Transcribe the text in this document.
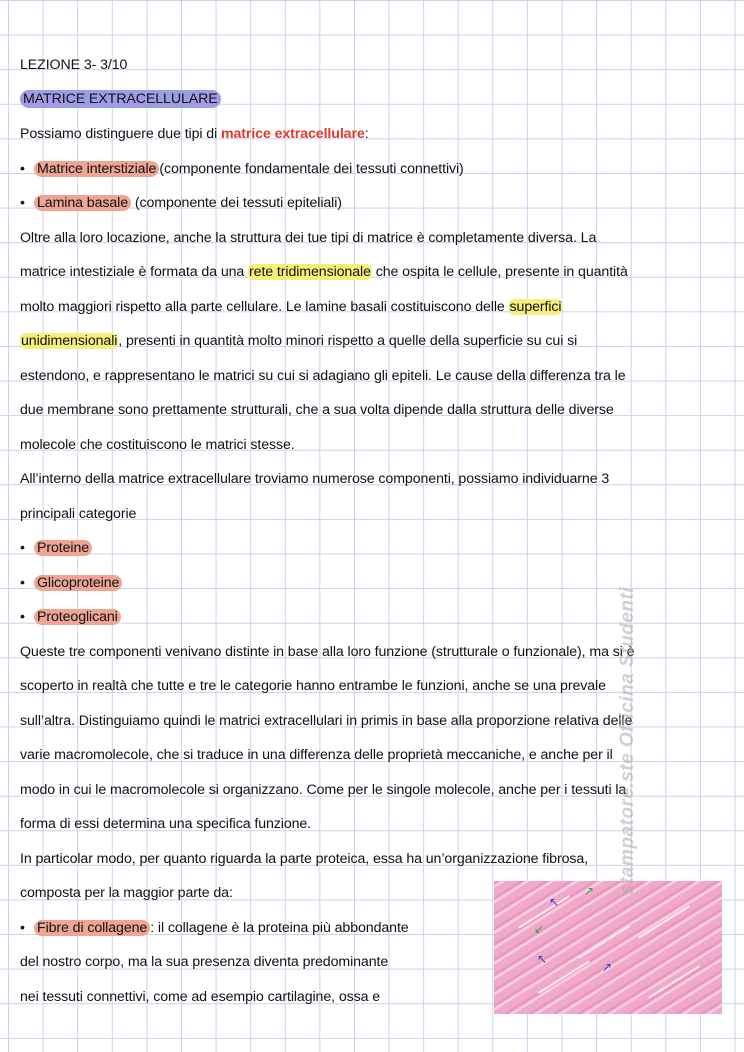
LEZIONE 3- 3/10
MATRICE EXTRACELLULARE
Possiamo distinguere due tipi di matrice extracellulare:
• Matrice interstiziale (componente fondamentale dei tessuti connettivi)
• Lamina basale (componente dei tessuti epiteliali)
Oltre alla loro locazione, anche la struttura dei tue tipi di matrice è completamente diversa. La
matrice intestiziale è formata da una rete tridimensionale che ospita le cellule, presente in quantità
molto maggiori rispetto alla parte cellulare. Le lamine basali costituiscono delle superfici
unidimensionali, presenti in quantità molto minori rispetto a quelle della superficie su cui si
estendono, e rappresentano le matrici su cui si adagiano gli epiteli. Le cause della differenza tra le
due membrane sono prettamente strutturali, che a sua volta dipende dalla struttura delle diverse
molecole che costituiscono le matrici stesse.
All’interno della matrice extracellulare troviamo numerose componenti, possiamo individuarne 3
principali categorie
• Proteine
• Glicoproteine
• Proteoglicani
Queste tre componenti venivano distinte in base alla loro funzione (strutturale o funzionale), ma si è
scoperto in realtà che tutte e tre le categorie hanno entrambe le funzioni, anche se una prevale
sull’altra. Distinguiamo quindi le matrici extracellulari in primis in base alla proporzione relativa delle
varie macromolecole, che si traduce in una differenza delle proprietà meccaniche, e anche per il
modo in cui le macromolecole si organizzano. Come per le singole molecole, anche per i tessuti la
forma di essi determina una specifica funzione.
In particolar modo, per quanto riguarda la parte proteica, essa ha un’organizzazione fibrosa,
composta per la maggior parte da:
• Fibre di collagene : il collagene è la proteina più abbondante
del nostro corpo, ma la sua presenza diventa predominante
nei tessuti connettivi, come ad esempio cartilagine, ossa e
↖
↗
↙
↖
↗
stampatore.ste Officina Studenti
